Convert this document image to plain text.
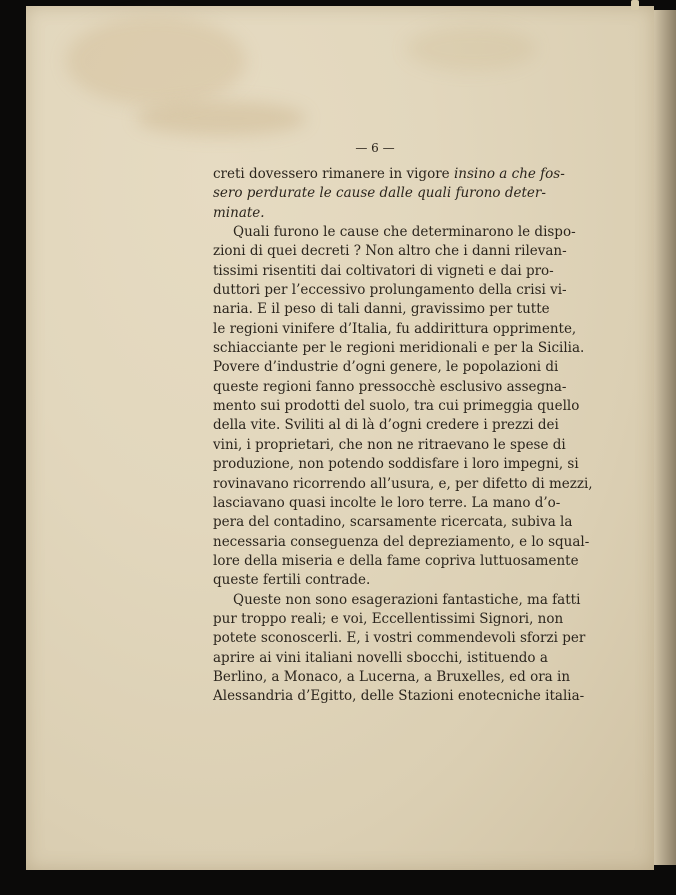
— 6 —
creti dovessero rimanere in vigore insino a che fos-
sero perdurate le cause dalle quali furono deter-
minate.
Quali furono le cause che determinarono le dispo-
zioni di quei decreti ? Non altro che i danni rilevan-
tissimi risentiti dai coltivatori di vigneti e dai pro-
duttori per l’eccessivo prolungamento della crisi vi-
naria. E il peso di tali danni, gravissimo per tutte
le regioni vinifere d’Italia, fu addirittura opprimente,
schiacciante per le regioni meridionali e per la Sicilia.
Povere d’industrie d’ogni genere, le popolazioni di
queste regioni fanno pressocchè esclusivo assegna-
mento sui prodotti del suolo, tra cui primeggia quello
della vite. Sviliti al di là d’ogni credere i prezzi dei
vini, i proprietari, che non ne ritraevano le spese di
produzione, non potendo soddisfare i loro impegni, si
rovinavano ricorrendo all’usura, e, per difetto di mezzi,
lasciavano quasi incolte le loro terre. La mano d’o-
pera del contadino, scarsamente ricercata, subiva la
necessaria conseguenza del depreziamento, e lo squal-
lore della miseria e della fame copriva luttuosamente
queste fertili contrade.
Queste non sono esagerazioni fantastiche, ma fatti
pur troppo reali; e voi, Eccellentissimi Signori, non
potete sconoscerli. E, i vostri commendevoli sforzi per
aprire ai vini italiani novelli sbocchi, istituendo a
Berlino, a Monaco, a Lucerna, a Bruxelles, ed ora in
Alessandria d’Egitto, delle Stazioni enotecniche italia-
